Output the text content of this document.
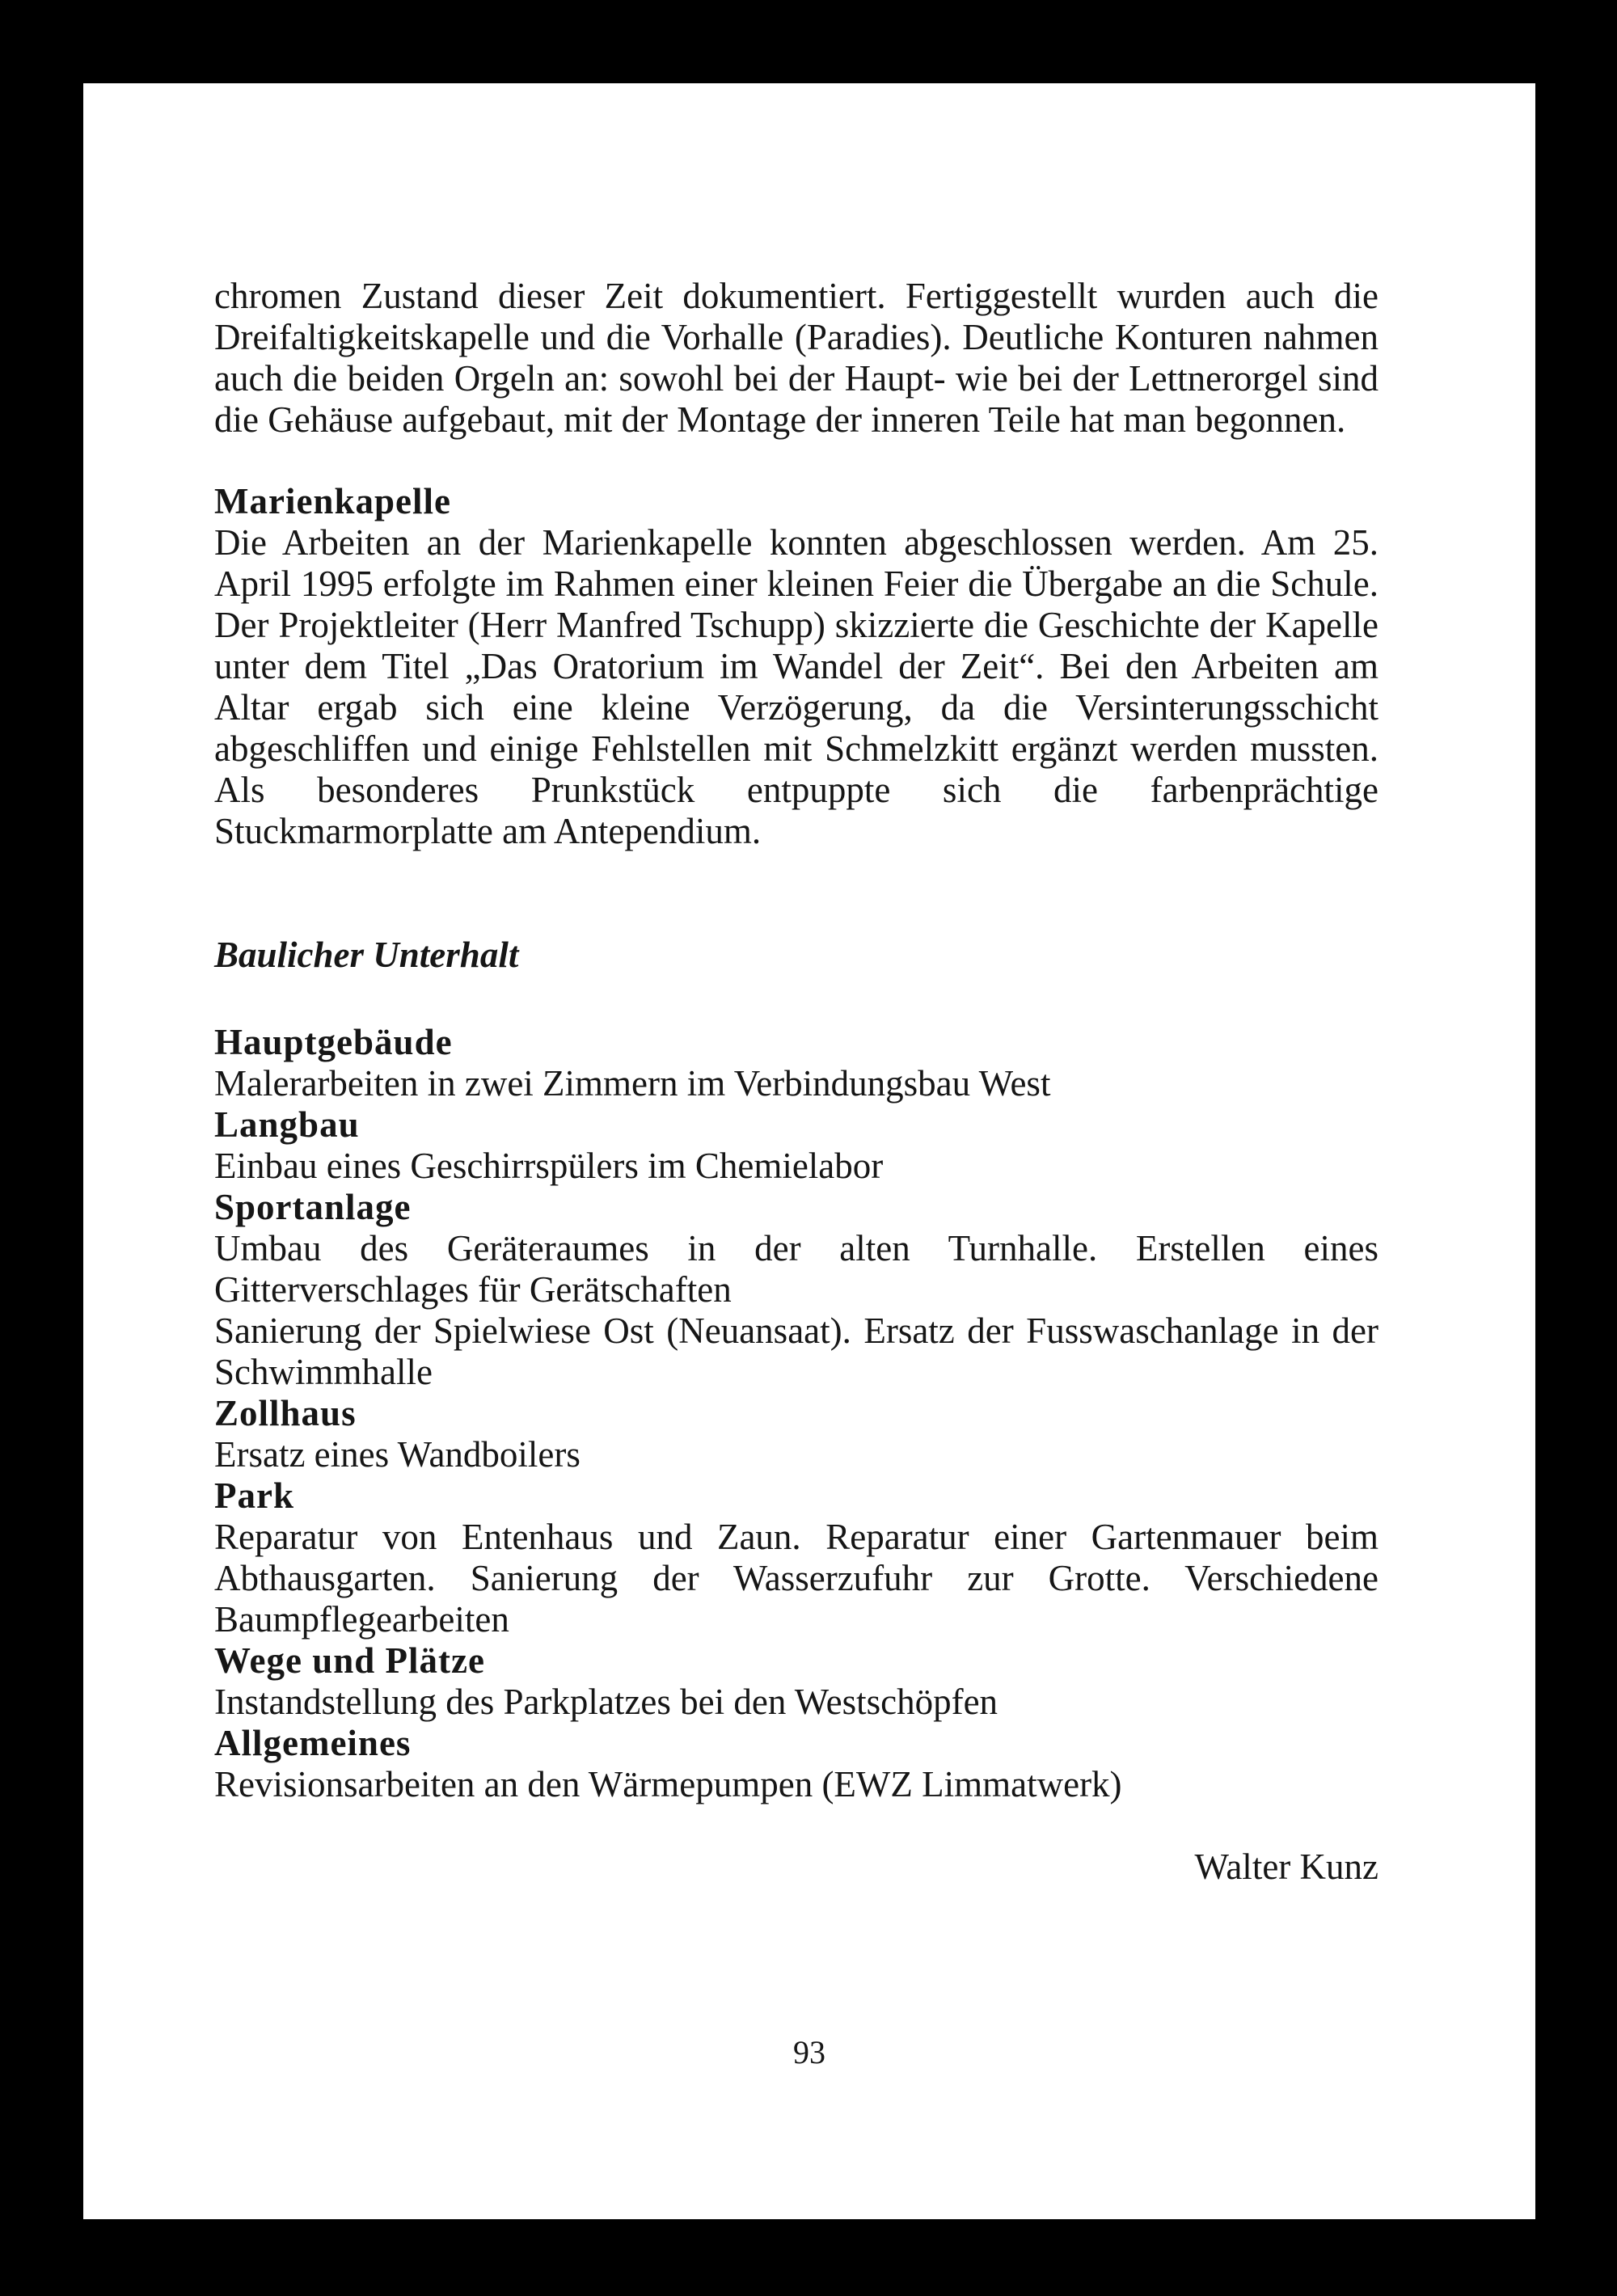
chromen Zustand dieser Zeit dokumentiert. Fertiggestellt wurden auch die Dreifaltigkeitskapelle und die Vorhalle (Paradies). Deutliche Konturen nahmen auch die beiden Orgeln an: sowohl bei der Haupt- wie bei der Lettnerorgel sind die Gehäuse aufgebaut, mit der Montage der inneren Teile hat man begonnen.

Marienkapelle

Die Arbeiten an der Marienkapelle konnten abgeschlossen werden. Am 25. April 1995 erfolgte im Rahmen einer kleinen Feier die Übergabe an die Schule. Der Projektleiter (Herr Manfred Tschupp) skizzierte die Geschichte der Kapelle unter dem Titel „Das Oratorium im Wandel der Zeit“. Bei den Arbeiten am Altar ergab sich eine kleine Verzögerung, da die Versinterungsschicht abgeschliffen und einige Fehlstellen mit Schmelzkitt ergänzt werden mussten. Als besonderes Prunkstück entpuppte sich die farbenprächtige Stuckmarmorplatte am Antependium.

Baulicher Unterhalt

Hauptgebäude

Malerarbeiten in zwei Zimmern im Verbindungsbau West

Langbau

Einbau eines Geschirrspülers im Chemielabor

Sportanlage

Umbau des Geräteraumes in der alten Turnhalle. Erstellen eines Gitterverschlages für Gerätschaften

Sanierung der Spielwiese Ost (Neuansaat). Ersatz der Fusswaschanlage in der Schwimmhalle

Zollhaus

Ersatz eines Wandboilers

Park

Reparatur von Entenhaus und Zaun. Reparatur einer Gartenmauer beim Abthausgarten. Sanierung der Wasserzufuhr zur Grotte. Verschiedene Baumpflegearbeiten

Wege und Plätze

Instandstellung des Parkplatzes bei den Westschöpfen

Allgemeines

Revisionsarbeiten an den Wärmepumpen (EWZ Limmatwerk)

Walter Kunz

93
